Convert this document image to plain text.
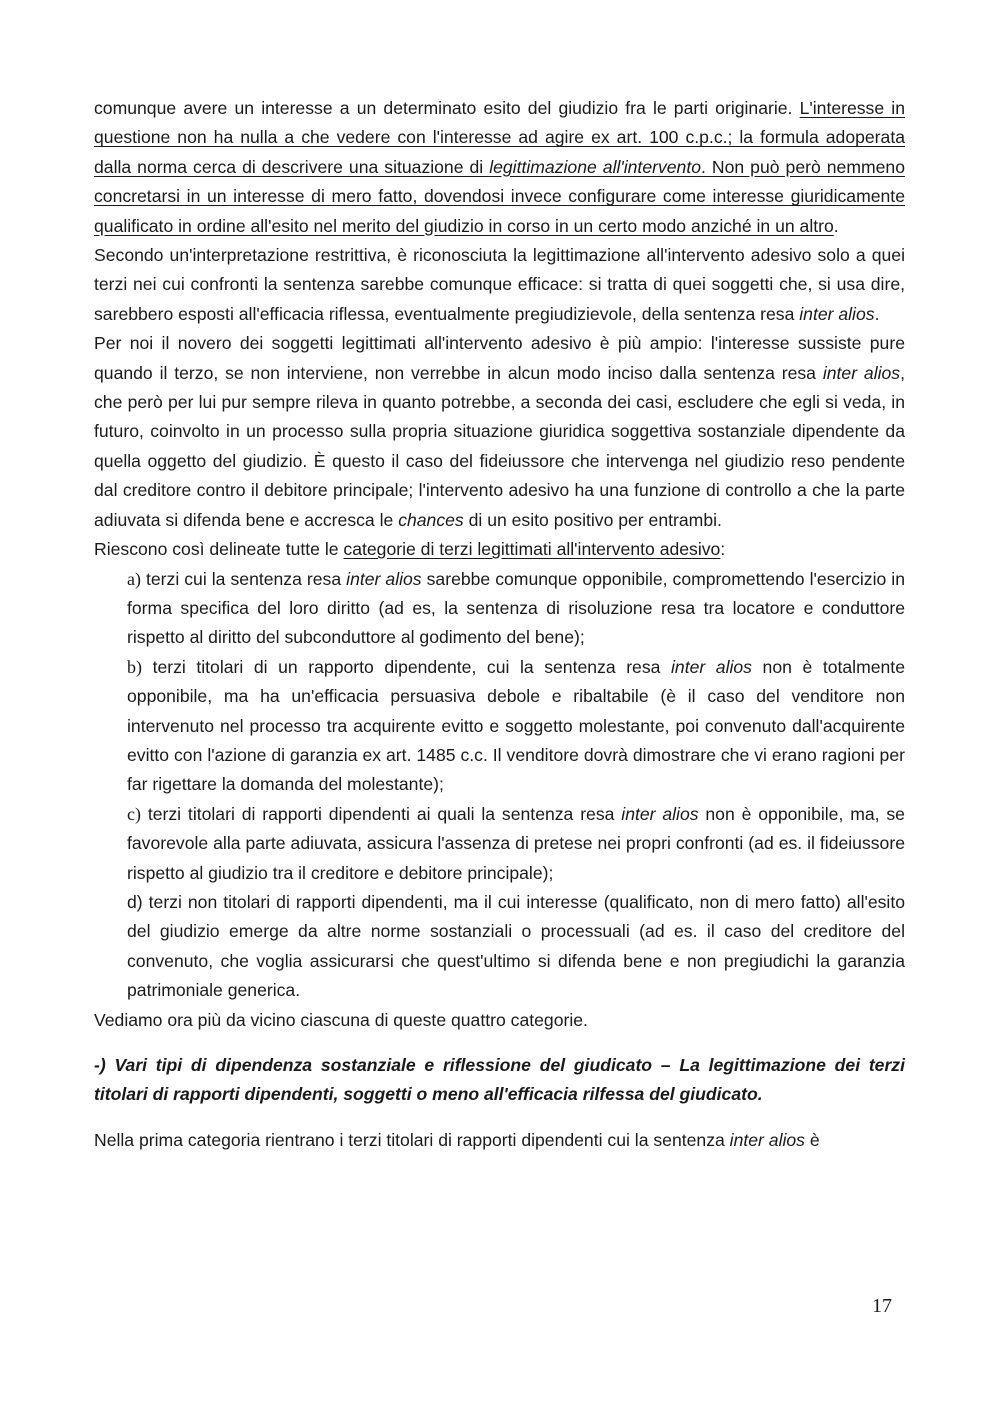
comunque avere un interesse a un determinato esito del giudizio fra le parti originarie. L'interesse in questione non ha nulla a che vedere con l'interesse ad agire ex art. 100 c.p.c.; la formula adoperata dalla norma cerca di descrivere una situazione di legittimazione all'intervento. Non può però nemmeno concretarsi in un interesse di mero fatto, dovendosi invece configurare come interesse giuridicamente qualificato in ordine all'esito nel merito del giudizio in corso in un certo modo anziché in un altro.

Secondo un'interpretazione restrittiva, è riconosciuta la legittimazione all'intervento adesivo solo a quei terzi nei cui confronti la sentenza sarebbe comunque efficace: si tratta di quei soggetti che, si usa dire, sarebbero esposti all'efficacia riflessa, eventualmente pregiudizievole, della sentenza resa inter alios.

Per noi il novero dei soggetti legittimati all'intervento adesivo è più ampio: l'interesse sussiste pure quando il terzo, se non interviene, non verrebbe in alcun modo inciso dalla sentenza resa inter alios, che però per lui pur sempre rileva in quanto potrebbe, a seconda dei casi, escludere che egli si veda, in futuro, coinvolto in un processo sulla propria situazione giuridica soggettiva sostanziale dipendente da quella oggetto del giudizio. È questo il caso del fideiussore che intervenga nel giudizio reso pendente dal creditore contro il debitore principale; l'intervento adesivo ha una funzione di controllo a che la parte adiuvata si difenda bene e accresca le chances di un esito positivo per entrambi.

Riescono così delineate tutte le categorie di terzi legittimati all'intervento adesivo:

a) terzi cui la sentenza resa inter alios sarebbe comunque opponibile, compromettendo l'esercizio in forma specifica del loro diritto (ad es, la sentenza di risoluzione resa tra locatore e conduttore rispetto al diritto del subconduttore al godimento del bene);

b) terzi titolari di un rapporto dipendente, cui la sentenza resa inter alios non è totalmente opponibile, ma ha un'efficacia persuasiva debole e ribaltabile (è il caso del venditore non intervenuto nel processo tra acquirente evitto e soggetto molestante, poi convenuto dall'acquirente evitto con l'azione di garanzia ex art. 1485 c.c. Il venditore dovrà dimostrare che vi erano ragioni per far rigettare la domanda del molestante);

c) terzi titolari di rapporti dipendenti ai quali la sentenza resa inter alios non è opponibile, ma, se favorevole alla parte adiuvata, assicura l'assenza di pretese nei propri confronti (ad es. il fideiussore rispetto al giudizio tra il creditore e debitore principale);

d) terzi non titolari di rapporti dipendenti, ma il cui interesse (qualificato, non di mero fatto) all'esito del giudizio emerge da altre norme sostanziali o processuali (ad es. il caso del creditore del convenuto, che voglia assicurarsi che quest'ultimo si difenda bene e non pregiudichi la garanzia patrimoniale generica.

Vediamo ora più da vicino ciascuna di queste quattro categorie.

-) Vari tipi di dipendenza sostanziale e riflessione del giudicato – La legittimazione dei terzi titolari di rapporti dipendenti, soggetti o meno all'efficacia rilfessa del giudicato.

Nella prima categoria rientrano i terzi titolari di rapporti dipendenti cui la sentenza inter alios è

17
